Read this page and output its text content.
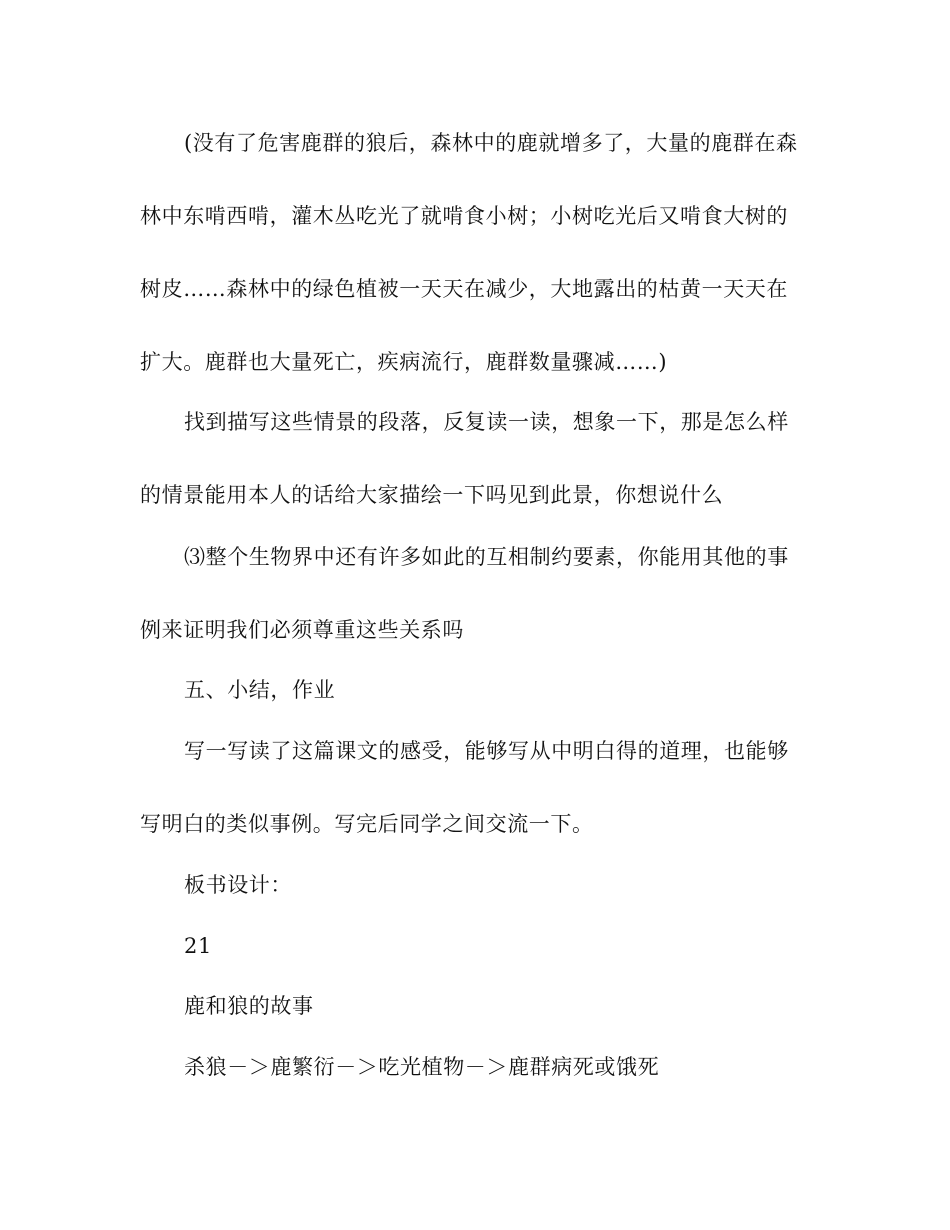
(没有了危害鹿群的狼后，森林中的鹿就增多了，大量的鹿群在森
林中东啃西啃，灌木丛吃光了就啃食小树；小树吃光后又啃食大树的
树皮……森林中的绿色植被一天天在减少，大地露出的枯黄一天天在
扩大。鹿群也大量死亡，疾病流行，鹿群数量骤减……)
找到描写这些情景的段落，反复读一读，想象一下，那是怎么样
的情景能用本人的话给大家描绘一下吗见到此景，你想说什么
⑶整个生物界中还有许多如此的互相制约要素，你能用其他的事
例来证明我们必须尊重这些关系吗
五、小结，作业
写一写读了这篇课文的感受，能够写从中明白得的道理，也能够
写明白的类似事例。写完后同学之间交流一下。
板书设计：
21
鹿和狼的故事
杀狼－＞鹿繁衍－＞吃光植物－＞鹿群病死或饿死
